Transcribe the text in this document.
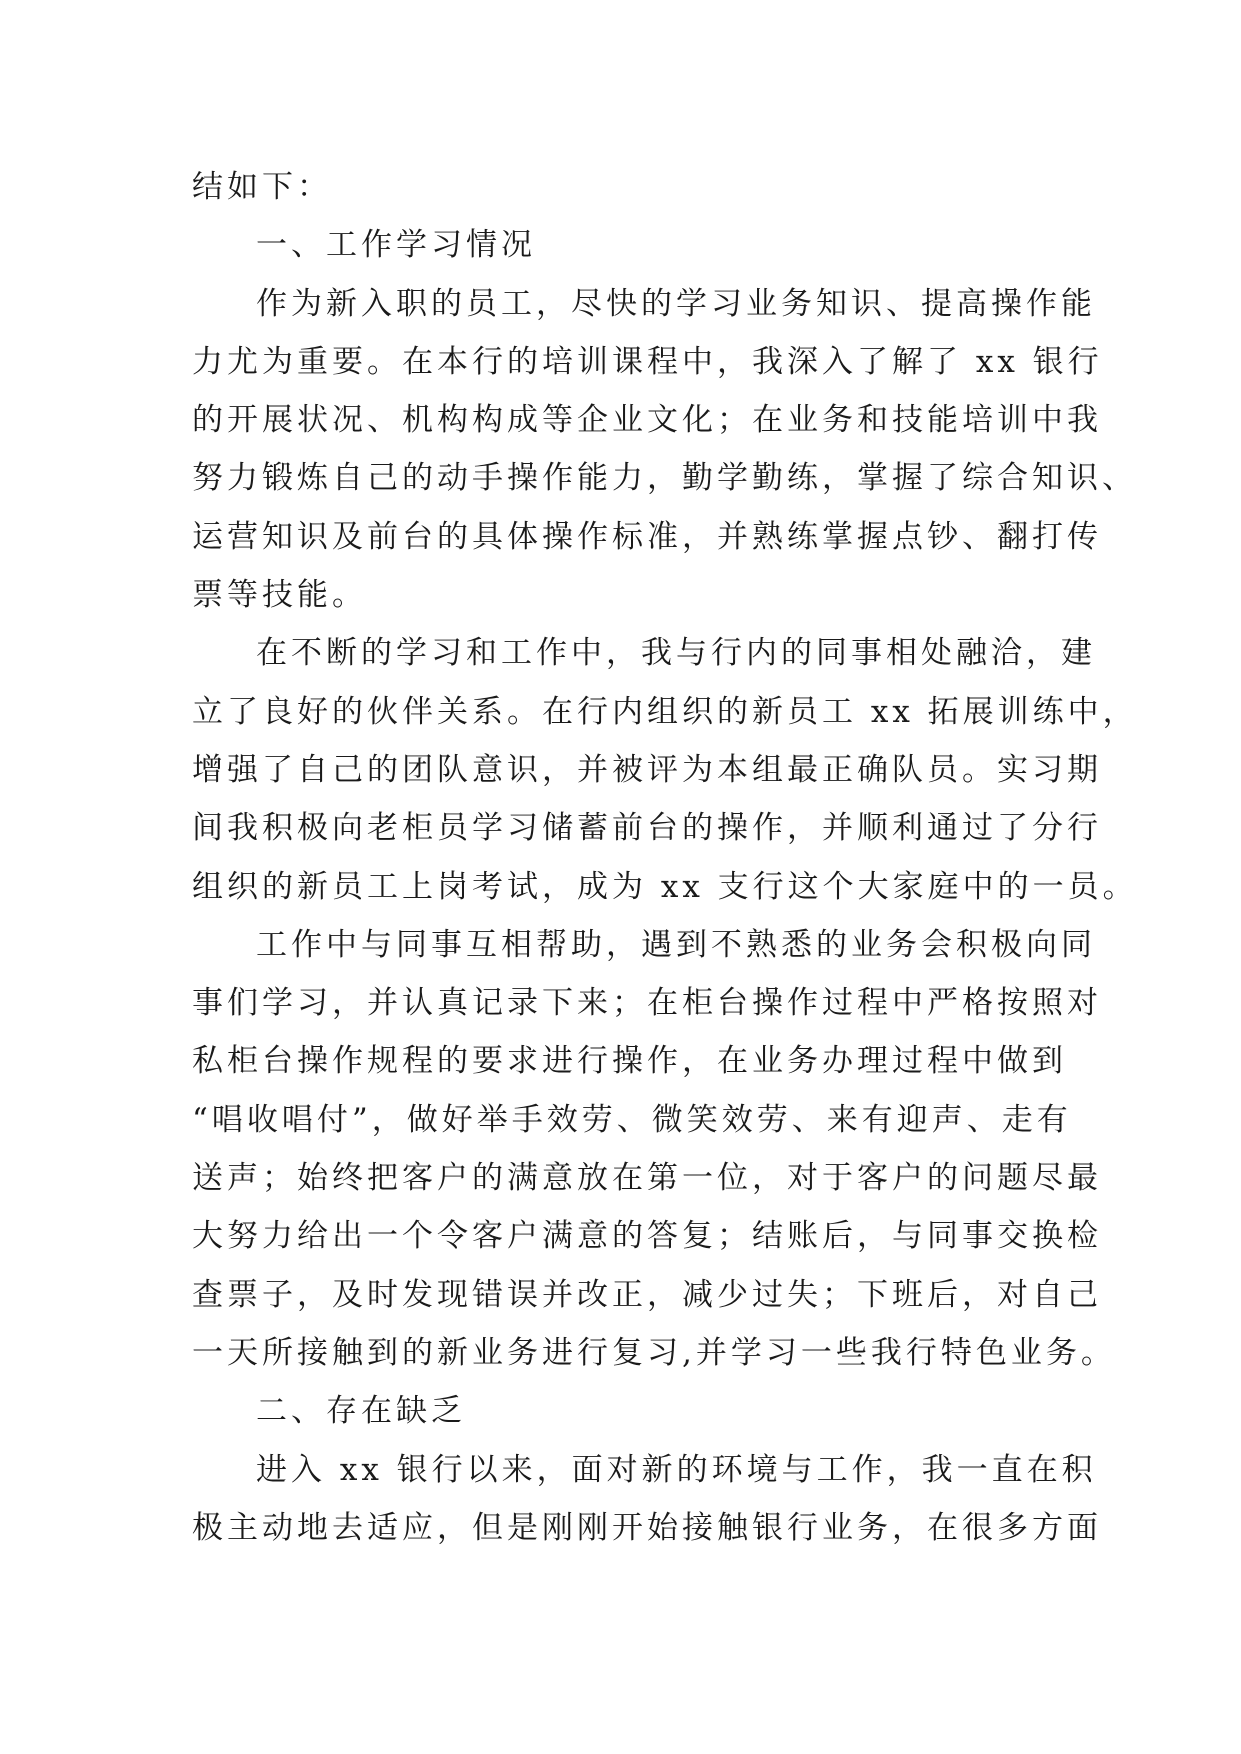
结如下：

一、工作学习情况

作为新入职的员工，尽快的学习业务知识、提高操作能

力尤为重要。在本行的培训课程中，我深入了解了 xx 银行

的开展状况、机构构成等企业文化；在业务和技能培训中我

努力锻炼自己的动手操作能力，勤学勤练，掌握了综合知识、

运营知识及前台的具体操作标准，并熟练掌握点钞、翻打传

票等技能。

在不断的学习和工作中，我与行内的同事相处融洽，建

立了良好的伙伴关系。在行内组织的新员工 xx 拓展训练中，

增强了自己的团队意识，并被评为本组最正确队员。实习期

间我积极向老柜员学习储蓄前台的操作，并顺利通过了分行

组织的新员工上岗考试，成为 xx 支行这个大家庭中的一员。

工作中与同事互相帮助，遇到不熟悉的业务会积极向同

事们学习，并认真记录下来；在柜台操作过程中严格按照对

私柜台操作规程的要求进行操作，在业务办理过程中做到

“唱收唱付”，做好举手效劳、微笑效劳、来有迎声、走有

送声；始终把客户的满意放在第一位，对于客户的问题尽最

大努力给出一个令客户满意的答复；结账后，与同事交换检

查票子，及时发现错误并改正，减少过失；下班后，对自己

一天所接触到的新业务进行复习,并学习一些我行特色业务。

二、存在缺乏

进入 xx 银行以来，面对新的环境与工作，我一直在积

极主动地去适应，但是刚刚开始接触银行业务，在很多方面
